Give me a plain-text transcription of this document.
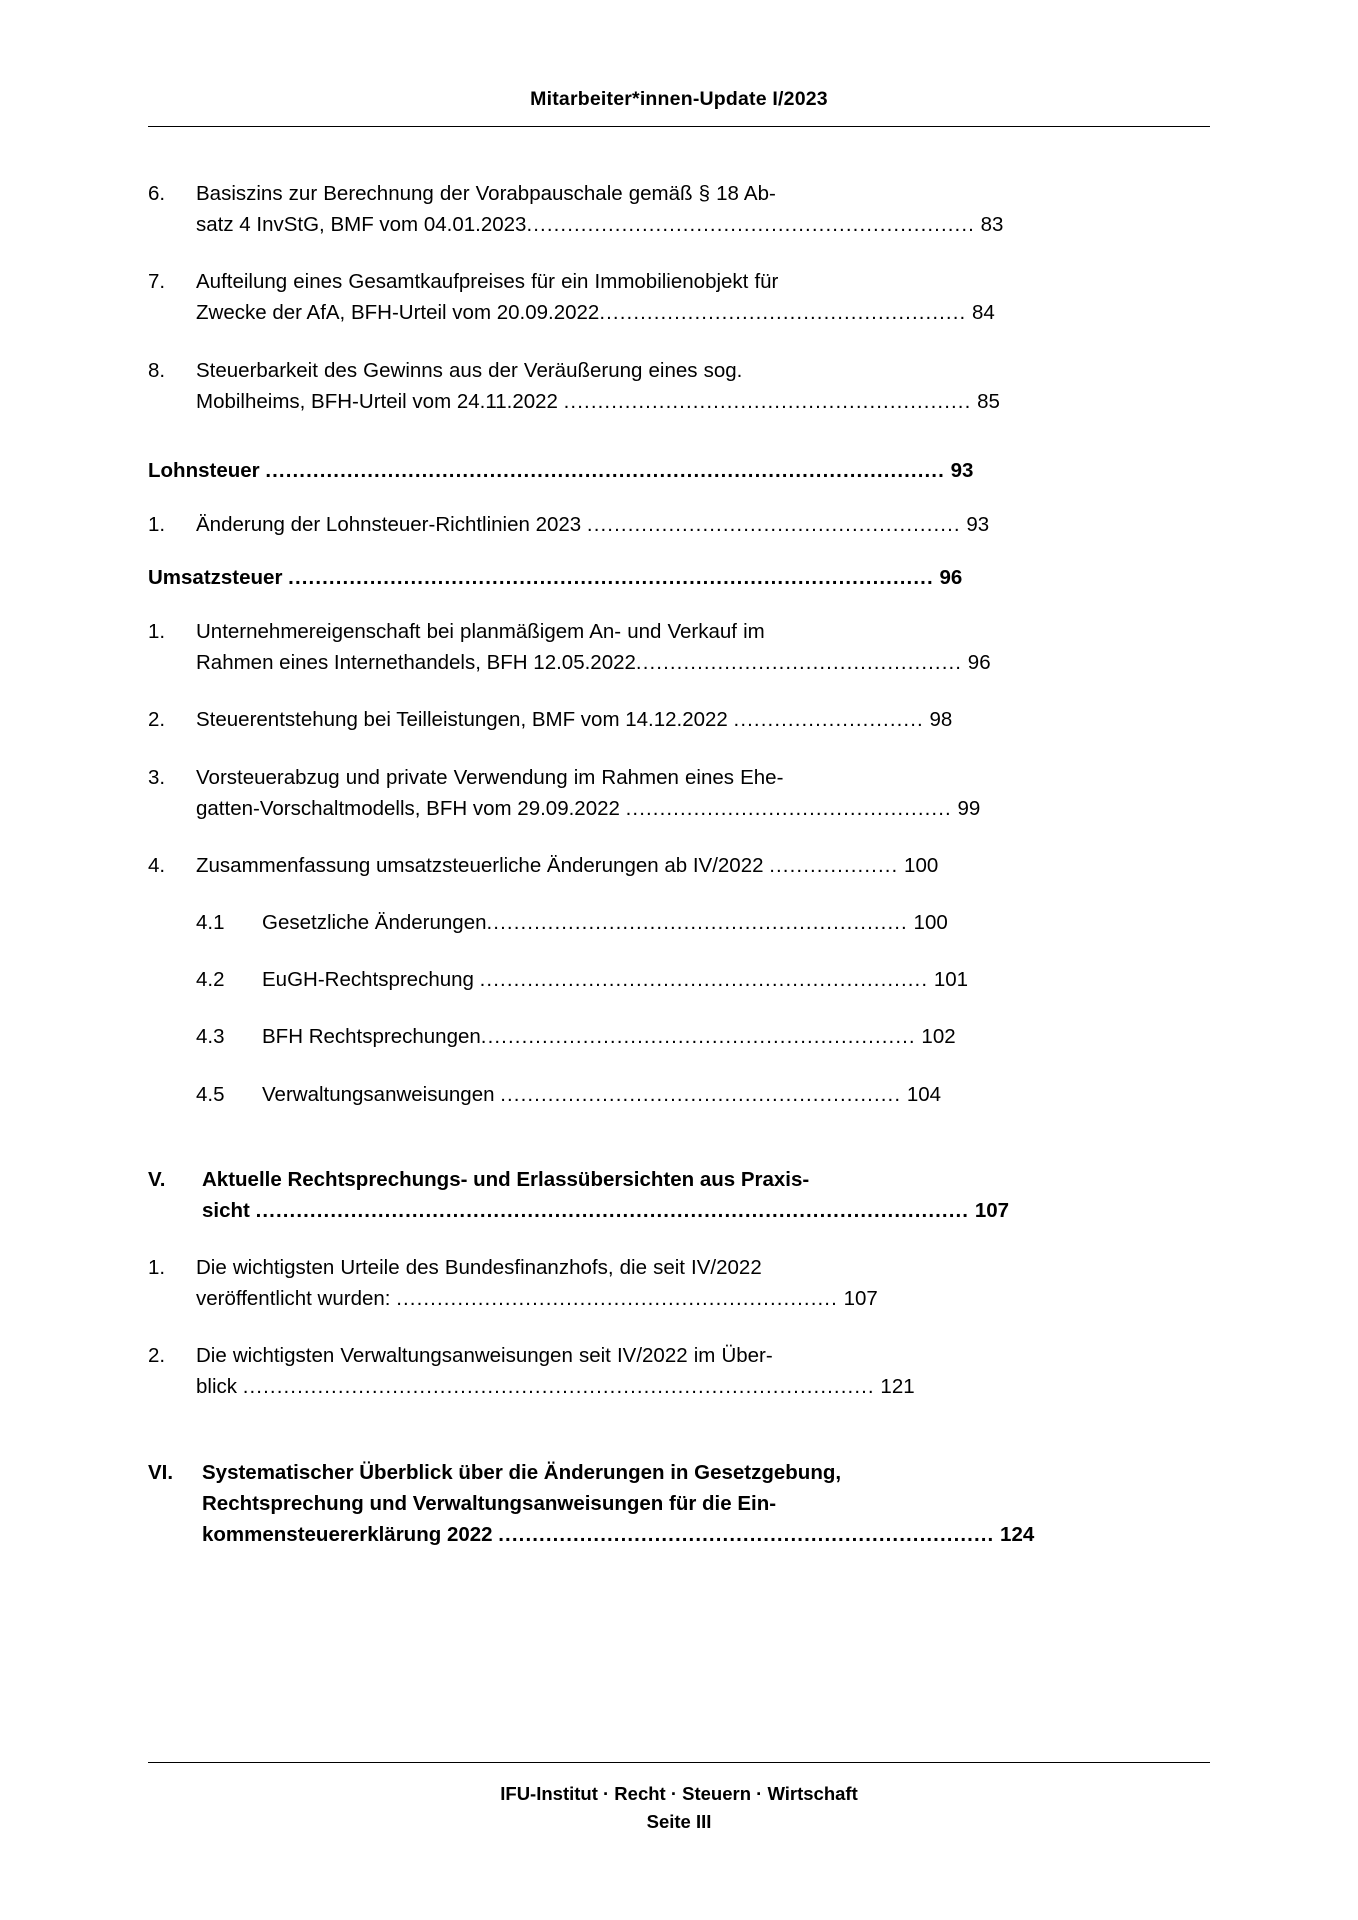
Mitarbeiter*innen-Update I/2023
6.	Basiszins zur Berechnung der Vorabpauschale gemäß § 18 Ab-
satz 4 InvStG, BMF vom 04.01.2023.................................................................. 83
7.	Aufteilung eines Gesamtkaufpreises für ein Immobilienobjekt für
Zwecke der AfA, BFH-Urteil vom 20.09.2022...................................................... 84
8.	Steuerbarkeit des Gewinns aus der Veräußerung eines sog.
Mobilheims, BFH-Urteil vom 24.11.2022 ............................................................ 85
Lohnsteuer .................................................................................................... 93
1.	Änderung der Lohnsteuer-Richtlinien 2023 ....................................................... 93
Umsatzsteuer ............................................................................................... 96
1.	Unternehmereigenschaft bei planmäßigem An- und Verkauf im
Rahmen eines Internethandels, BFH 12.05.2022................................................ 96
2.	Steuerentstehung bei Teilleistungen, BMF vom 14.12.2022 ............................ 98
3.	Vorsteuerabzug und private Verwendung im Rahmen eines Ehe-
gatten-Vorschaltmodells, BFH vom 29.09.2022 ................................................ 99
4.	Zusammenfassung umsatzsteuerliche Änderungen ab IV/2022 ................... 100
4.1	Gesetzliche Änderungen.............................................................. 100
4.2	EuGH-Rechtsprechung .................................................................. 101
4.3	BFH Rechtsprechungen................................................................ 102
4.5	Verwaltungsanweisungen ........................................................... 104
V.	Aktuelle Rechtsprechungs- und Erlassübersichten aus Praxis-
sicht ......................................................................................................... 107
1.	Die wichtigsten Urteile des Bundesfinanzhofs, die seit IV/2022
veröffentlicht wurden: ................................................................. 107
2.	Die wichtigsten Verwaltungsanweisungen seit IV/2022 im Über-
blick ............................................................................................. 121
VI.	Systematischer Überblick über die Änderungen in Gesetzgebung,
Rechtsprechung und Verwaltungsanweisungen für die Ein-
kommensteuererklärung 2022 ......................................................................... 124
IFU-Institut · Recht · Steuern · Wirtschaft
Seite III
